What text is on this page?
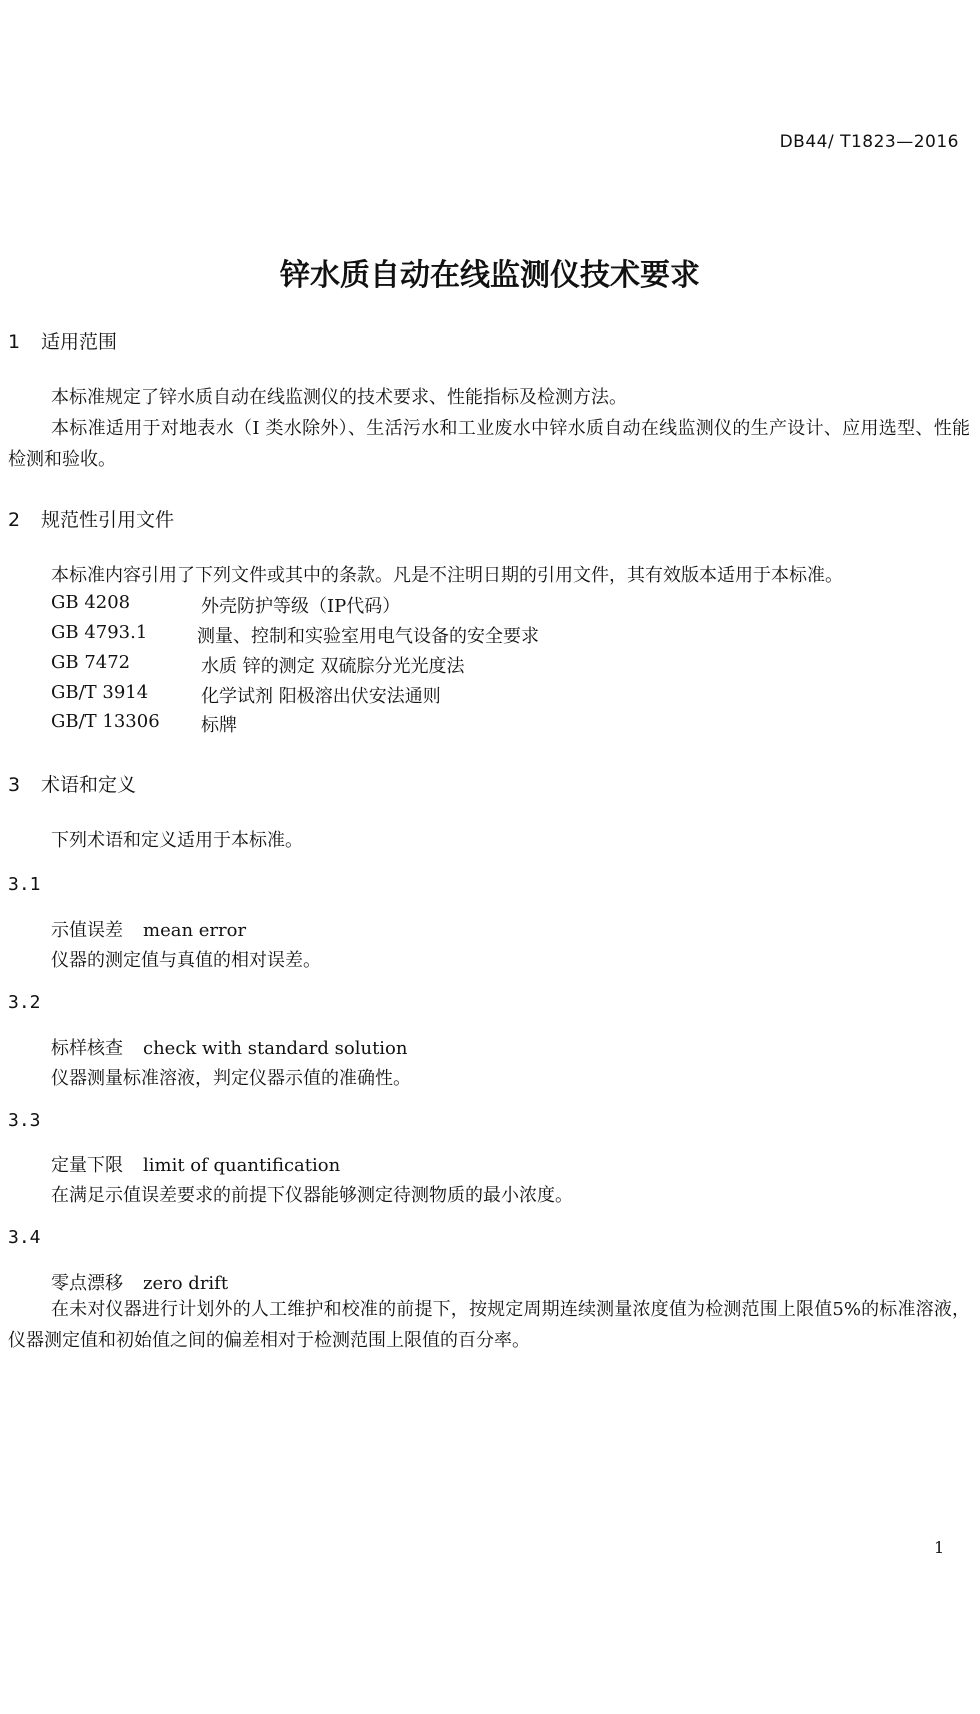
DB44/ T1823—2016
锌水质自动在线监测仪技术要求
1 适用范围

本标准规定了锌水质自动在线监测仪的技术要求、性能指标及检测方法。

本标准适用于对地表水（I 类水除外）、生活污水和工业废水中锌水质自动在线监测仪的生产设计、应用选型、性能检测和验收。

2 规范性引用文件

本标准内容引用了下列文件或其中的条款。凡是不注明日期的引用文件，其有效版本适用于本标准。

GB 4208	外壳防护等级（IP代码）
GB 4793.1	测量、控制和实验室用电气设备的安全要求
GB 7472	水质 锌的测定 双硫腙分光光度法
GB/T 3914	化学试剂 阳极溶出伏安法通则
GB/T 13306 标牌
3 术语和定义
下列术语和定义适用于本标准。
3.1
示值误差 mean error
仪器的测定值与真值的相对误差。
3.2
标样核查 check with standard solution
仪器测量标准溶液，判定仪器示值的准确性。
3.3
定量下限 limit of quantification
在满足示值误差要求的前提下仪器能够测定待测物质的最小浓度。
3.4
零点漂移 zero drift

在未对仪器进行计划外的人工维护和校准的前提下，按规定周期连续测量浓度值为检测范围上限值5%的标准溶液，仪器测定值和初始值之间的偏差相对于检测范围上限值的百分率。

1
